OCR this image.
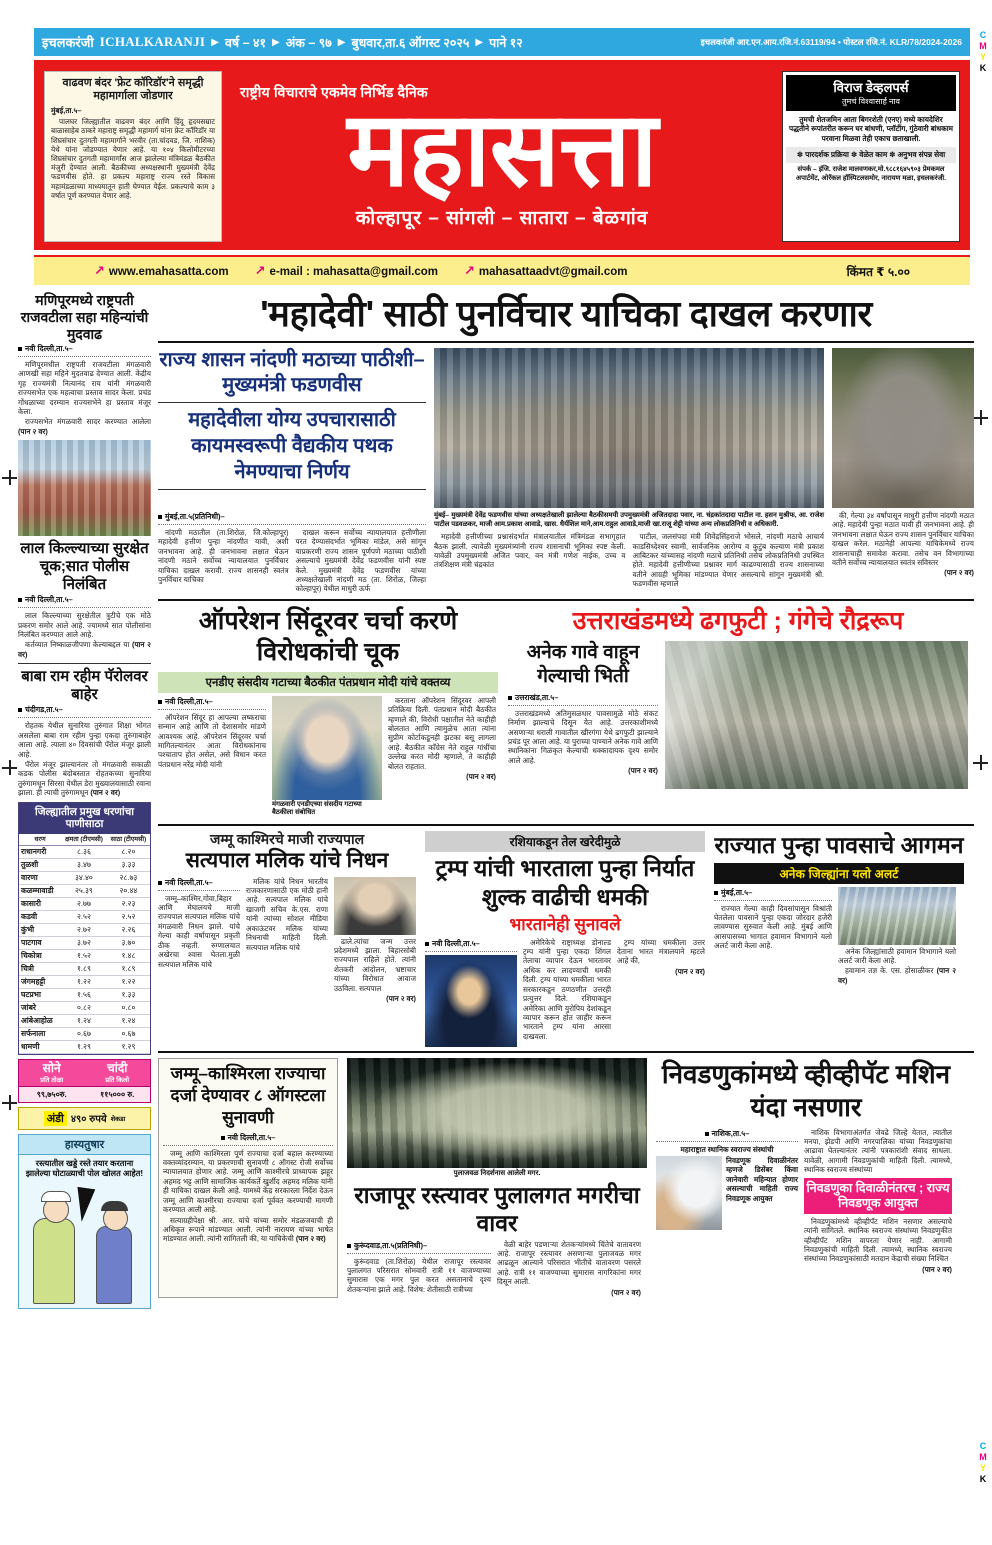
C
M
Y
K
C
M
Y
K
इचलकरंजी ICHALKARANJI ▶ वर्ष – ४१ ▶ अंक – ९७ ▶ बुधवार,ता.६ ऑगस्ट २०२५ ▶ पाने १२	इचलकरंजी आर.एन.आय.रजि.नं.63119/94 • पोस्टल रजि.नं. KLR/78/2024-2026
वाढवण बंदर 'फ्रेट कॉरिडॉर'ने समृद्धी महामार्गाला जोडणार
मुंबई,ता.५–

पालघर जिल्ह्यातील वाढवण बंदर आणि हिंदू हृदयसम्राट बाळासाहेब ठाकरे महाराष्ट्र समृद्धी महामार्ग यांना फ्रेट कॉरिडॉर या शिघ्रसंचार दुतगती महामार्गाने भरवीर (ता.चांदवड, जि. नाशिक) येथे यांना जोडण्यात येणार आहे. या १०४ किलोमीटरच्या शिघ्रसंचार दुतगती महामार्गांस आज झालेल्या मंत्रिमंडळ बैठकीत मंजुरी देण्यात आली. बैठकीच्या अध्यक्षस्थानी मुख्यमंत्री देवेंद्र फडणवीस होते. हा प्रकल्प महाराष्ट्र राज्य रस्ते विकास महामंडळाच्या माध्यमातून हाती घेण्यात येईल. प्रकल्पाचे काम ३ वर्षात पूर्ण करण्यात येणार आहे.

राष्ट्रीय विचाराचे एकमेव निर्भिड दैनिक
महासत्ता
कोल्हापूर – सांगली – सातारा – बेळगांव
विराज डेव्हलपर्स
तुमचं विश्वासार्ह नाव
तुमची शेतजमिन आता बिगरशेती (एनए) मध्ये कायदेशिर पद्धतीने रूपांतरीत करून घर बांधणी, प्लॉटींग, गुंठेवारी बांधकाम परवाना मिळवा तेही एकाच छताखाली.
✽ पारदर्शक प्रक्रिया ✽ वेळेत काम ✽ अनुभव संपन्न सेवा
संपर्क – इंजि. राजेश मालवणकर,मो.९८८१६४५९०३ प्रेमकमल अपार्टमेंट, ओरॅकल हॉस्पिटलसमोर, नारायण मळा, इचलकरंजी.
↗ www.emahasatta.com ↗ e-mail : mahasatta@gmail.com ↗ mahasattaadvt@gmail.com	किंमत ₹ ५.००
मणिपूरमध्ये राष्ट्रपती राजवटीला सहा महिन्यांची मुदवाढ
नवी दिल्ली,ता.५–

मणिपूरमधील राष्ट्रपती राजवटीला मंगळवारी आणखी सहा महिने मुदतवाढ देण्यात आली. केंद्रीय गृह राज्यमंत्री नित्यानंद राय यांनी मंगळवारी राज्यसभेत एक महत्वाचा प्रस्ताव सादर केला. प्रचंड गोंधळाच्या दरम्यान राज्यसभेने हा प्रस्ताव मंजूर केला.

राज्यसभेत मंगळवारी सादर करण्यात आलेला (पान २ वर)

लाल किल्ल्याच्या सुरक्षेत चूक;सात पोलीस निलंबित
नवी दिल्ली,ता.५–

लाल किल्ल्याच्या सुरक्षेतील त्रुटीचे एक मोठे प्रकरण समोर आले आहे. ज्यामध्ये सात पोलीसांना निलंबित करण्यात आले आहे.

कर्तव्यात निष्काळजीपणा केल्याबद्दल या (पान २ वर)

बाबा राम रहीम पॅरोलवर बाहेर
चंदीगड,ता.५–

रोहतक येथील सुनारिया तुरुंगात शिक्षा भोगत असलेला बाबा राम रहीम पुन्हा एकदा तुरुंगाबाहेर आला आहे. त्याला ४० दिवसांची पॅरोल मंजूर झाली आहे.

पॅरोल मंजूर झाल्यानंतर तो मंगळवारी सकाळी कडक पोलीस बंदोबस्तात रोहतकच्या सुनारिया तुरुंगामधून सिरसा येथील डेरा मुख्यालयासाठी रवाना झाला. ही त्याची तुरुंगामधून (पान २ वर)

जिल्ह्यातील प्रमुख धरणांचा पाणीसाठा
धरण	क्षमता (टीएमसी)	साठा (टीएमसी)
राधानगरी	८.३६	८.२०
तुळशी	३.४७	३.३३
वारणा	३४.४०	२८.७३
कळम्मावाडी	२५.३९	२०.४४
कासारी	२.७७	२.२३
कडवी	२.५२	२.५२
कुंभी	२.७२	२.२६
पाटगाव	३.७२	३.७०
चिकोत्रा	१.५२	१.४८
चित्री	१.८९	१.८९
जंगमहट्टी	१.२२	१.२२
घटप्रभा	१.५६	१.३३
जांबरे	०.८२	०.८०
आंबेआहोळ	१.२४	१.२४
सर्फनाला	०.६७	०.६७
धामणी	१.२९	१.२९
सोने
प्रति तोळा
चांदी
प्रति किलो
९९,७५०रु.	११५००० रु.
अंडी ४९० रुपये शेकडा
हास्यतुषार
रस्त्यातील खड्डे रस्ते तयार करताना झालेल्या घोटाळ्याची पोल खोलत आहेत!
'महादेवी' साठी पुनर्विचार याचिका दाखल करणार
राज्य शासन नांदणी मठाच्या पाठीशी–मुख्यमंत्री फडणवीस
महादेवीला योग्य उपचारासाठी कायमस्वरूपी वैद्यकीय पथक नेमण्याचा निर्णय
मुंबई,ता.५(प्रतिनिधी)–

नांदणी मठातील (ता.शिरोळ, जि.कोल्हापूर) महादेवी हत्तीण पुन्हा नांदणीत यावी, अशी जनभावना आहे. ही जनभावना लक्षात घेऊन नांदणी मठाने सर्वोच्च न्यायालयात पुनर्विचार याचिका दाखल करावी. राज्य शासनही स्वतंत्र पुनर्विचार याचिका

दाखल करून सर्वोच्च न्यायालयात हत्तीणीला परत देण्यासंदर्भात भूमिका मांडेल, असे सांगून याप्रकरणी राज्य शासन पूर्णपणे मठाच्या पाठीशी असल्याचे मुख्यमंत्री देवेंद्र फडणवीस यांनी स्पष्ट केले. मुख्यमंत्री देवेंद्र फडणवीस यांच्या अध्यक्षतेखाली नांदणी मठ (ता. शिरोळ, जिल्हा कोल्हापूर) येथील माधुरी ऊर्फ

मुंबई– मुख्यमंत्री देवेंद्र फडणवीस यांच्या अध्यक्षतेखाली झालेल्या बैठकीसमयी उपमुख्यमंत्री अजितदादा पवार, ना. चंद्रकांतदादा पाटील ना. हसन मुश्रीफ, आ. राजेश पाटील पडवळकर, माजी आम.प्रकाश आवाडे, खास. धैर्यशिल माने,आम.राहुल आवाडे,माजी खा.राजू शेट्टी यांच्या अन्य लोकप्रतिनिधी व अधिकारी.

महादेवी हत्तीणीच्या प्रश्नासंदर्भात मंत्रालयातील मंत्रिमंडळ सभागृहात बैठक झाली. त्यावेळी मुख्यमंत्र्यांनी राज्य शासनाची भूमिका स्पष्ट केली. यावेळी उपमुख्यमंत्री अजित पवार, वन मंत्री गणेश नाईक, उच्च व तंत्रशिक्षण मंत्री चंद्रकांत

पाटील, जलसंपदा मंत्री शिवेंद्रसिंहराजे भोसले, नांदणी मठाचे आचार्य काडसिध्देश्वर स्वामी, सार्वजनिक आरोग्य व कुटुंब कल्याण मंत्री प्रकाश आबिटकर यांच्यासह नांदणी मठाचे प्रतिनिधी तसेच लोकप्रतिनिधी उपस्थित होते. महादेवी हत्तीणीच्या प्रश्नावर मार्ग काढण्यासाठी राज्य शासनाच्या वतीने आग्रही भूमिका मांडण्यात येणार असल्याचे सांगून मुख्यमंत्री श्री. फडणवीस म्हणाले

की, गेल्या ३४ वर्षांपासून माधुरी हत्तीण नांदणी मठात आहे. महादेवी पुन्हा मठात यावी ही जनभावना आहे. ही जनभावना लक्षात घेऊन राज्य शासन पुनर्विचार याचिका दाखल करेल. मठानेही आपल्या याचिकेमध्ये राज्य शासनाचाही समावेश करावा. तसेच वन विभागाच्या वतीने सर्वोच्च न्यायालयात स्वतंत्र सविस्तर

(पान २ वर)

ऑपरेशन सिंदूरवर चर्चा करणे विरोधकांची चूक
एनडीए संसदीय गटाच्या बैठकीत पंतप्रधान मोदी यांचे वक्तव्य
नवी दिल्ली,ता.५–

ऑपरेशन सिंदूर हा आपल्या लष्कराचा सन्मान आहे आणि तो देशासमोर मांडणे आवश्यक आहे. ऑपरेशन सिंदूरवर चर्चा मागितल्यानंतर आता विरोधकांनाच पश्चाताप होत असेल, असे विधान करत पंतप्रधान नरेंद्र मोदी यांनी

मंगळवारी एनडीएच्या संसदीय गटाच्या बैठकीला संबोधित

करताना ऑपरेशन सिंदूरवर आपली प्रतिक्रिया दिली. पंतप्रधान मोदी बैठकीत म्हणाले की, विरोधी पक्षातील नेते काहीही बोलतात आणि त्यामुळेच आता त्यांना सुप्रीम कोर्टाकडूनही झटका बसू लागला आहे. बैठकीत काँग्रेस नेते राहुल गांधींचा उल्लेख करत मोदी म्हणाले, ते काहीही बोलत राहतात.

(पान २ वर)

उत्तराखंडमध्ये ढगफुटी ; गंगेचे रौद्ररूप
अनेक गावे वाहून गेल्याची भिती
उत्तराखंड,ता.५–

उत्तराखंडमध्ये अतिमुसळधार पावसामुळे मोठे संकट निर्माण झाल्याचे दिसून येत आहे. उत्तरकाशीमध्ये असणाऱ्या धराली गावातील खीरगंगा येथे ढगफुटी झाल्याने प्रचंड पूर आला आहे. या पुराच्या पाण्याने अनेक गावे आणि स्थानिकांना गिळंकृत केल्याची धक्कादायक दृश्य समोर आले आहे.

(पान २ वर)

जम्मू काश्मिरचे माजी राज्यपाल
सत्यपाल मलिक यांचे निधन
नवी दिल्ली,ता.५–

जम्मू–काश्मिर,गोवा,बिहार आणि मेघालयचे माजी राज्यपाल सत्यपाल मलिक यांचे मंगळवारी निधन झाले. यांचे गेल्या काही वर्षापासून प्रकृती ठीक नव्हती. रुग्णालयात अखेरचा श्वास घेतला.मुळी सत्यपाल मलिक यांचे

मलिक यांचे निधन भारतीय राजकारणासाठी एक मोठी हानी आहे. सत्यपाल मलिक यांचे खाजगी सचिव के.एस. राणा यांनी त्यांच्या सोशल मीडिया अकाऊंटवर मलिक यांच्या निधनाची माहिती दिली. सत्यपाल मलिक यांचे

ढाले.त्यांचा जन्म उत्तर प्रदेशमध्ये झाला. बिहारसोबी राज्यपाल राहिले होते. त्यांनी शेतकरी आंदोलन, भ्रष्टाचार यांच्या विरोधात आवाज उठविला. सत्यपाल

(पान २ वर)

रशियाकडून तेल खरेदीमुळे
ट्रम्प यांची भारताला पुन्हा निर्यात शुल्क वाढीची धमकी
भारतानेही सुनावले
नवी दिल्ली,ता.५–	अमेरिकेचे राष्ट्राध्यक्ष डोनाल्ड ट्रम्प यांनी पुन्हा एकदा शिंगल तेलाचा व्यापार देऊन भारतावर अधिक कर लादण्याची धमकी दिली. ट्रम्प यांच्या धमकीला भारत सरकारकडून ठणठणीत उत्तरही प्रत्युत्तर दिले. रशियाकडून अमेरिका आणि युरोपिय देशांकडून व्यापार करून होत जाहीर करून भारताने ट्रम्प यांना आरसा दाखवला.

ट्रम्प यांच्या धमकीला उत्तर देताना भारत मंत्रालयाने म्हटले आहे की,

(पान २ वर)

राज्यात पुन्हा पावसाचे आगमन
अनेक जिल्ह्यांना यलो अलर्ट
मुंबई,ता.५–

राज्यात गेल्या काही दिवसांपासून विश्रांती घेतलेला पावसाने पुन्हा एकदा जोरदार हजेरी लावण्यास सुरुवात केली आहे. मुंबई आणि आसपासच्या भागात हवामान विभागाने यलो अलर्ट जारी केला आहे.

अनेक जिल्ह्यांसाठी हवामान विभागाने यलो अलर्ट जारी केला आहे.

हवामान तज्ञ के. एस. होसाळीकर (पान २ वर)

जम्मू–काश्मिरला राज्याचा दर्जा देण्यावर ८ ऑगस्टला सुनावणी
नवी दिल्ली,ता.५–

जम्मू आणि काश्मिरला पूर्ण राज्याचा दर्जा बहाल करण्याच्या वक्तव्यांदरम्यान, या प्रकरणाची सुनावणी ८ ऑगस्ट रोजी सर्वोच्च न्यायालयात होणार आहे. जम्मू आणि काश्मीरचे प्राध्यापक झहूर अहमद भट्ट आणि सामाजिक कार्यकर्ते खुर्शीद अहमद मलिक यांनी ही याचिका दाखल केली आहे. यामध्ये केंद्र सरकारला निर्देश देऊन जम्मू आणि काश्मीरचा राज्याचा दर्जा पूर्ववत करण्याची मागणी करण्यात आली आहे.

सत्याग्रहीपेक्षा श्री. आर. यांचे यांच्या समोर मंडळजवाची ही अधिकृत रूपाने मांडण्यात आली. त्यांनी नारायण यांच्या भाषेत मांडण्यात आली. त्यांनी सांगितली की, या याचिकेची (पान २ वर)

पुलाजवळ निदर्शनास आलेली मगर.
राजापूर रस्त्यावर पुलालगत मगरीचा वावर
कुरूंदवाड,ता.५(प्रतिनिधी)–

कुरूंदवाड (ता.शिरोळ) येथील राजापूर रस्त्यावर पुलालगत परिसरात सोमवारी रात्री ११ वाजण्याच्या सुमारास एक मगर पुल करत असतानाचे दृश्य शेतकऱ्यांना झाले आहे. विशेष: शेतीसाठी रात्रीच्या

वेळी बाहेर पडणाऱ्या शेतकऱ्यांमध्ये चिंतेचे वातावरण आहे. राजापूर रस्त्यावर असणाऱ्या पुलाजवळ मगर आढळून आल्याने परिसरात भीतीचे वातावरण पसरले आहे. रात्री ११ वाजण्याच्या सुमारास नागरिकांना मगर दिसून आली.

(पान २ वर)

निवडणुकांमध्ये व्हीव्हीपॅट मशिन यंदा नसणार
नाशिक,ता.५–
महाराष्ट्रात स्थानिक स्वराज्य संस्थांची

निवडणूक दिवाळीनंतर म्हणजे डिसेंबर किंवा जानेवारी महिन्यात होणार असल्याची माहिती राज्य निवडणूक आयुक्त

नाशिक विभागाअंतर्गत जेवढे जिल्हे येतात, त्यातील मनपा, झेडपी आणि नगरपालिका यांच्या निवडणुकांचा आढावा घेतल्यानंतर त्यांनी पत्रकारांशी संवाद साधला. यावेळी, आगामी निवडणुकांची माहिती दिली. त्यामध्ये, स्थानिक स्वराज्य संस्थांच्या

निवडणुका दिवाळीनंतरच ; राज्य निवडणूक आयुक्त

निवडणुकांमध्ये व्हीव्हीपॅट मशिन नसणार असल्याचे त्यांनी सांगितले. स्थानिक स्वराज्य संस्थांच्या निवडणुकीत व्हीव्हीपॅट मशिन वापरता येणार नाही. आगामी निवडणुकांची माहिती दिली. त्यामध्ये, स्थानिक स्वराज्य संस्थांच्या निवडणुकांसाठी मतदान केंद्राची संख्या निश्चित

(पान २ वर)
